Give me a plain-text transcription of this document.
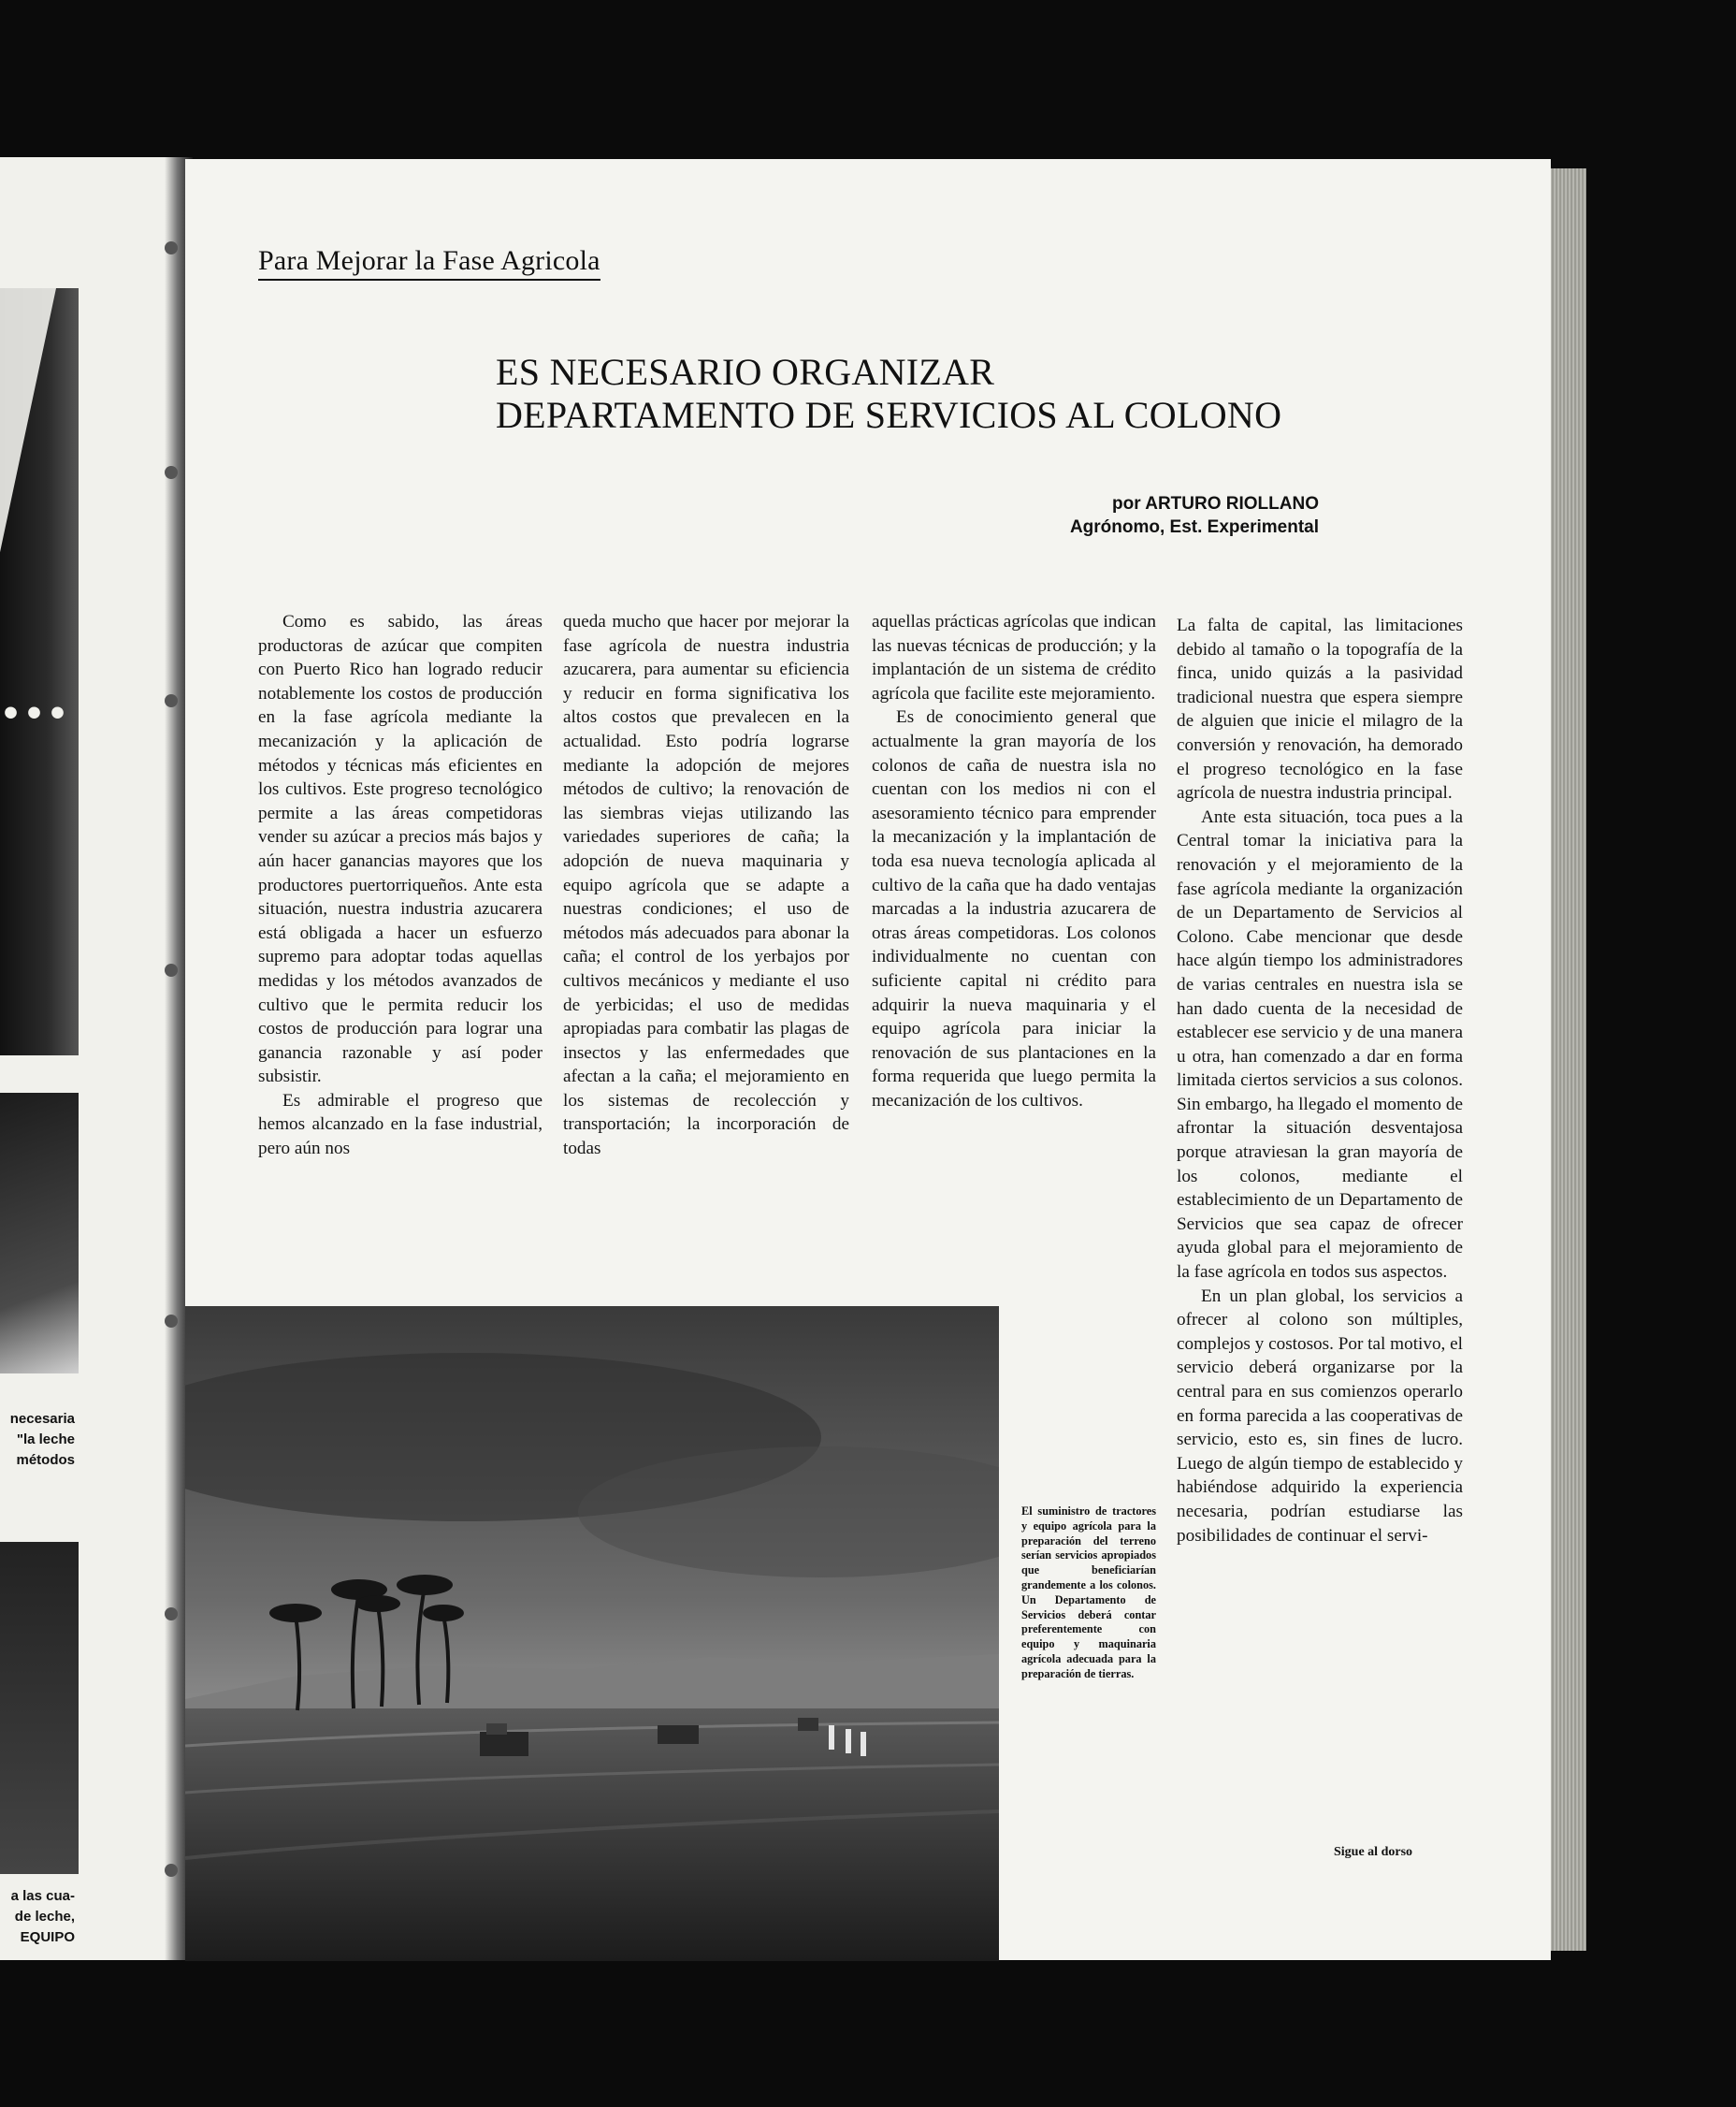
•••
necesaria
"la leche
métodos
a las cua-
de leche,
EQUIPO
Para Mejorar la Fase Agricola
ES NECESARIO ORGANIZAR
DEPARTAMENTO DE SERVICIOS AL COLONO
por ARTURO RIOLLANO
Agrónomo, Est. Experimental

Como es sabido, las áreas productoras de azúcar que compiten con Puerto Rico han logrado reducir notablemente los costos de producción en la fase agrícola mediante la mecanización y la aplicación de métodos y técnicas más eficientes en los cultivos. Este progreso tecnológico permite a las áreas competidoras vender su azúcar a precios más bajos y aún hacer ganancias mayores que los productores puertorriqueños. Ante esta situación, nuestra industria azucarera está obligada a hacer un esfuerzo supremo para adoptar todas aquellas medidas y los métodos avanzados de cultivo que le permita reducir los costos de producción para lograr una ganancia razonable y así poder subsistir.

Es admirable el progreso que hemos alcanzado en la fase industrial, pero aún nos

queda mucho que hacer por mejorar la fase agrícola de nuestra industria azucarera, para aumentar su eficiencia y reducir en forma significativa los altos costos que prevalecen en la actualidad. Esto podría lograrse mediante la adopción de mejores métodos de cultivo; la renovación de las siembras viejas utilizando las variedades superiores de caña; la adopción de nueva maquinaria y equipo agrícola que se adapte a nuestras condiciones; el uso de métodos más adecuados para abonar la caña; el control de los yerbajos por cultivos mecánicos y mediante el uso de yerbicidas; el uso de medidas apropiadas para combatir las plagas de insectos y las enfermedades que afectan a la caña; el mejoramiento en los sistemas de recolección y transportación; la incorporación de todas

aquellas prácticas agrícolas que indican las nuevas técnicas de producción; y la implantación de un sistema de crédito agrícola que facilite este mejoramiento.

Es de conocimiento general que actualmente la gran mayoría de los colonos de caña de nuestra isla no cuentan con los medios ni con el asesoramiento técnico para emprender la mecanización y la implantación de toda esa nueva tecnología aplicada al cultivo de la caña que ha dado ventajas marcadas a la industria azucarera de otras áreas competidoras. Los colonos individualmente no cuentan con suficiente capital ni crédito para adquirir la nueva maquinaria y el equipo agrícola para iniciar la renovación de sus plantaciones en la forma requerida que luego permita la mecanización de los cultivos.

La falta de capital, las limitaciones debido al tamaño o la topografía de la finca, unido quizás a la pasividad tradicional nuestra que espera siempre de alguien que inicie el milagro de la conversión y renovación, ha demorado el progreso tecnológico en la fase agrícola de nuestra industria principal.

Ante esta situación, toca pues a la Central tomar la iniciativa para la renovación y el mejoramiento de la fase agrícola mediante la organización de un Departamento de Servicios al Colono. Cabe mencionar que desde hace algún tiempo los administradores de varias centrales en nuestra isla se han dado cuenta de la necesidad de establecer ese servicio y de una manera u otra, han comenzado a dar en forma limitada ciertos servicios a sus colonos. Sin embargo, ha llegado el momento de afrontar la situación desventajosa porque atraviesan la gran mayoría de los colonos, mediante el establecimiento de un Departamento de Servicios que sea capaz de ofrecer ayuda global para el mejoramiento de la fase agrícola en todos sus aspectos.

En un plan global, los servicios a ofrecer al colono son múltiples, complejos y costosos. Por tal motivo, el servicio deberá organizarse por la central para en sus comienzos operarlo en forma parecida a las cooperativas de servicio, esto es, sin fines de lucro. Luego de algún tiempo de establecido y habiéndose adquirido la experiencia necesaria, podrían estudiarse las posibilidades de continuar el servi-

El suministro de tractores y equipo agrícola para la preparación del terreno serían servicios apropiados que beneficiarían grandemente a los colonos. Un Departamento de Servicios deberá contar preferentemente con equipo y maquinaria agrícola adecuada para la preparación de tierras.
Sigue al dorso
